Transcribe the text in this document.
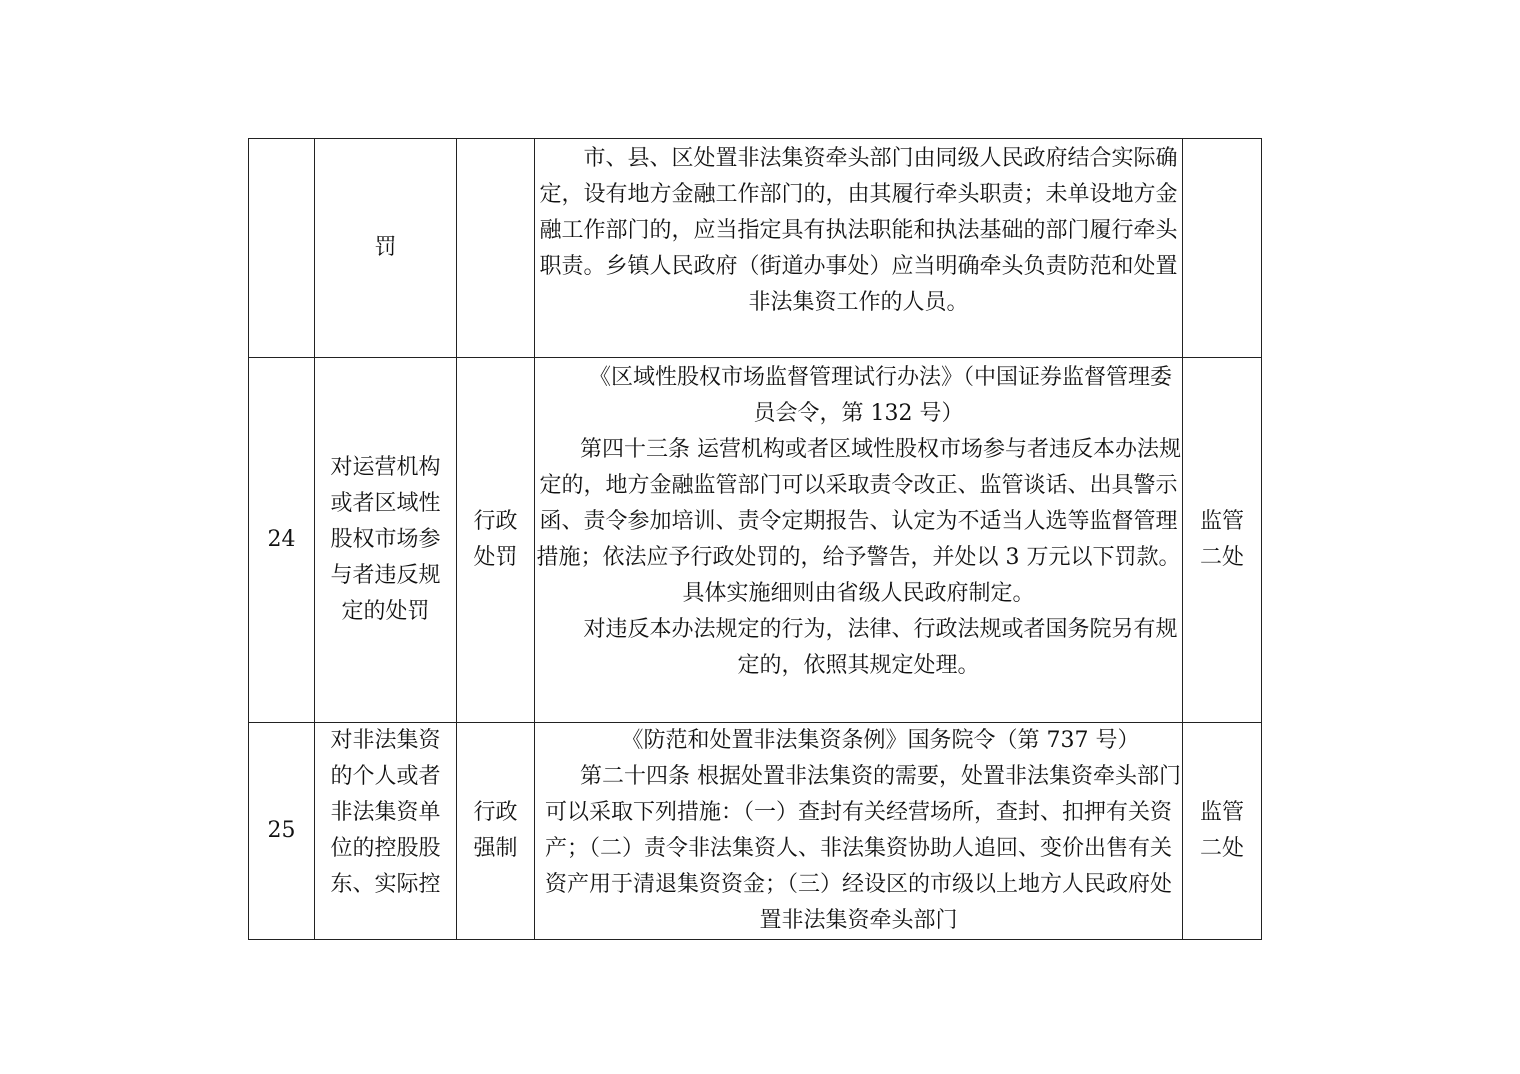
	罚		市、县、区处置非法集资牵头部门由同级人民政府结合实际确定，设有地方金融工作部门的，由其履行牵头职责；未单设地方金融工作部门的，应当指定具有执法职能和执法基础的部门履行牵头职责。乡镇人民政府（街道办事处）应当明确牵头负责防范和处置非法集资工作的人员。	

24	对运营机构或者区域性股权市场参与者违反规定的处罚	行政处罚	《区域性股权市场监督管理试行办法》（中国证券监督管理委员会令，第 132 号）

第四十三条 运营机构或者区域性股权市场参与者违反本办法规定的，地方金融监管部门可以采取责令改正、监管谈话、出具警示函、责令参加培训、责令定期报告、认定为不适当人选等监督管理措施；依法应予行政处罚的，给予警告，并处以 3 万元以下罚款。具体实施细则由省级人民政府制定。

对违反本办法规定的行为，法律、行政法规或者国务院另有规定的，依照其规定处理。	监管二处

25	对非法集资的个人或者非法集资单位的控股股东、实际控	行政强制	《防范和处置非法集资条例》国务院令（第 737 号）

第二十四条 根据处置非法集资的需要，处置非法集资牵头部门可以采取下列措施：（一）查封有关经营场所，查封、扣押有关资产；（二）责令非法集资人、非法集资协助人追回、变价出售有关资产用于清退集资资金；（三）经设区的市级以上地方人民政府处置非法集资牵头部门	监管二处
